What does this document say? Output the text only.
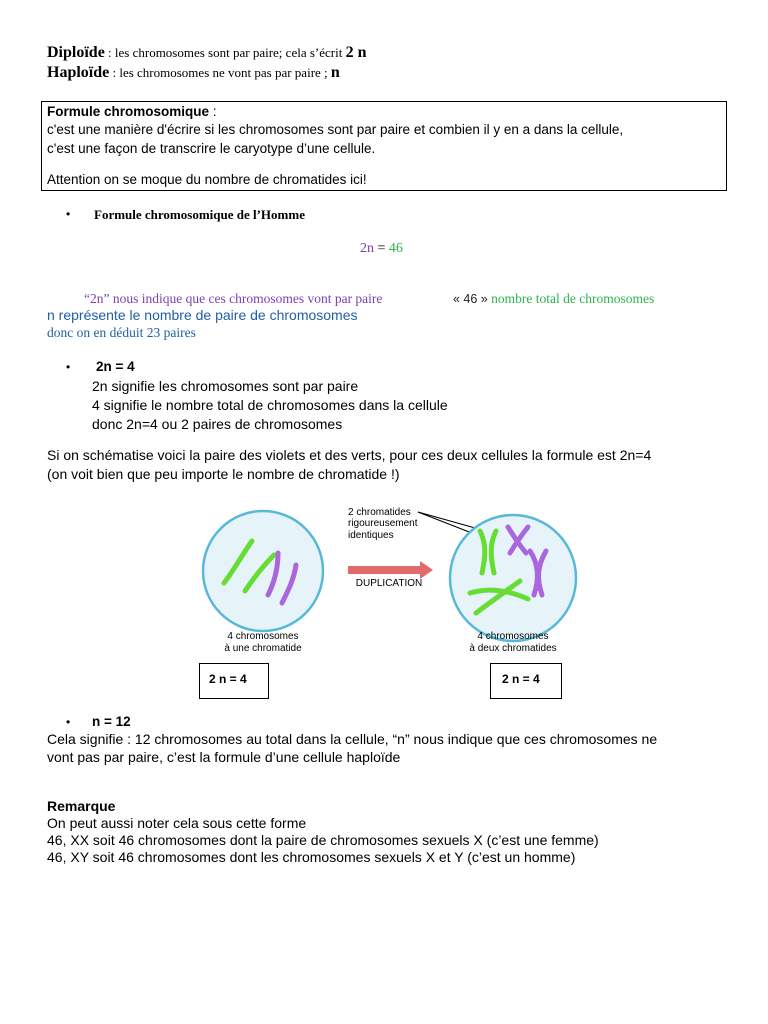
Diploïde : les chromosomes sont par paire; cela s’écrit 2 n
Haploïde : les chromosomes ne vont pas par paire ; n
Formule chromosomique :
c'est une manière d'écrire si les chromosomes sont par paire et combien il y en a dans la cellule,
c'est une façon de transcrire le caryotype d’une cellule.
Attention on se moque du nombre de chromatides ici!
• Formule chromosomique de l’Homme
2n = 46
“2n” nous indique que ces chromosomes vont par paire	« 46 » nombre total de chromosomes
n représente le nombre de paire de chromosomes
donc on en déduit 23 paires
• 2n = 4
2n signifie les chromosomes sont par paire
4 signifie le nombre total de chromosomes dans la cellule
donc 2n=4 ou 2 paires de chromosomes
Si on schématise voici la paire des violets et des verts, pour ces deux cellules la formule est 2n=4
(on voit bien que peu importe le nombre de chromatide !)
4 chromosomes
à une chromatide
DUPLICATION
2 chromatides
rigoureusement
identiques
4 chromosomes
à deux chromatides
2 n = 4	2 n = 4
• n = 12
Cela signifie : 12 chromosomes au total dans la cellule, “n” nous indique que ces chromosomes ne
vont pas par paire, c’est la formule d’une cellule haploïde
Remarque
On peut aussi noter cela sous cette forme
46, XX soit 46 chromosomes dont la paire de chromosomes sexuels X (c’est une femme)
46, XY soit 46 chromosomes dont les chromosomes sexuels X et Y (c’est un homme)
